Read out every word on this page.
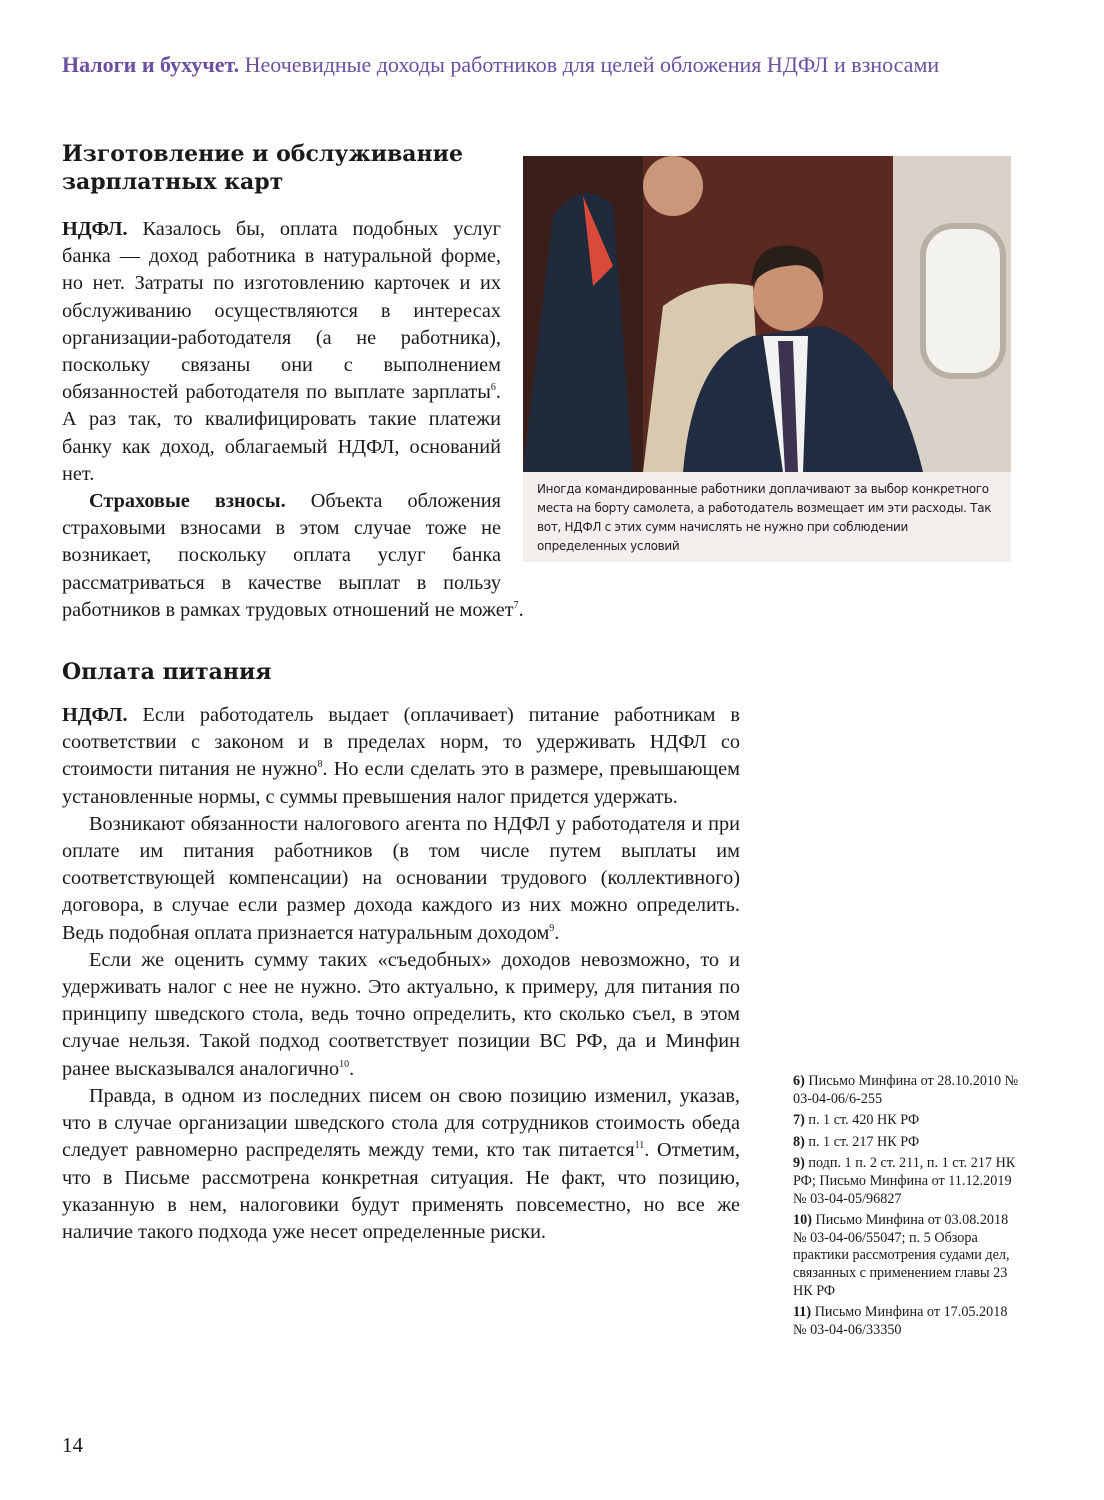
Налоги и бухучет. Неочевидные доходы работников для целей обложения НДФЛ и взносами
Изготовление и обслуживание зарплатных карт
Иногда командированные работники доплачивают за выбор конкретного места на борту самолета, а работодатель возмещает им эти расходы. Так вот, НДФЛ с этих сумм начислять не нужно при соблюдении определенных условий

НДФЛ. Казалось бы, оплата подобных услуг банка — доход работника в натуральной форме, но нет. Затраты по изготовлению карточек и их обслуживанию осуществляются в интересах организации-работодателя (а не работника), поскольку связаны они с выполнением обязанностей работодателя по выплате зарплаты$^6$. А раз так, то квалифицировать такие платежи банку как доход, облагаемый НДФЛ, оснований нет.

Страховые взносы. Объекта обложения страховыми взносами в этом случае тоже не возникает, поскольку оплата услуг банка рассматриваться в качестве выплат в пользу работников в рамках трудовых отношений не может$^7$.

Оплата питания

НДФЛ. Если работодатель выдает (оплачивает) питание работникам в соответствии с законом и в пределах норм, то удерживать НДФЛ со стоимости питания не нужно$^8$. Но если сделать это в размере, превышающем установленные нормы, с суммы превышения налог придется удержать.

Возникают обязанности налогового агента по НДФЛ у работодателя и при оплате им питания работников (в том числе путем выплаты им соответствующей компенсации) на основании трудового (коллективного) договора, в случае если размер дохода каждого из них можно определить. Ведь подобная оплата признается натуральным доходом$^9$.

Если же оценить сумму таких «съедобных» доходов невозможно, то и удерживать налог с нее не нужно. Это актуально, к примеру, для питания по принципу шведского стола, ведь точно определить, кто сколько съел, в этом случае нельзя. Такой подход соответствует позиции ВС РФ, да и Минфин ранее высказывался аналогично$^{10}$.

Правда, в одном из последних писем он свою позицию изменил, указав, что в случае организации шведского стола для сотрудников стоимость обеда следует равномерно распределять между теми, кто так питается$^{11}$. Отметим, что в Письме рассмотрена конкретная ситуация. Не факт, что позицию, указанную в нем, налоговики будут применять повсеместно, но все же наличие такого подхода уже несет определенные риски.

6) Письмо Минфина от 28.10.2010 № 03-04-06/6-255
7) п. 1 ст. 420 НК РФ
8) п. 1 ст. 217 НК РФ
9) подп. 1 п. 2 ст. 211, п. 1 ст. 217 НК РФ; Письмо Минфина от 11.12.2019 № 03-04-05/96827
10) Письмо Минфина от 03.08.2018 № 03-04-06/55047; п. 5 Обзора практики рассмотрения судами дел, связанных с применением главы 23 НК РФ
11) Письмо Минфина от 17.05.2018 № 03-04-06/33350
14
